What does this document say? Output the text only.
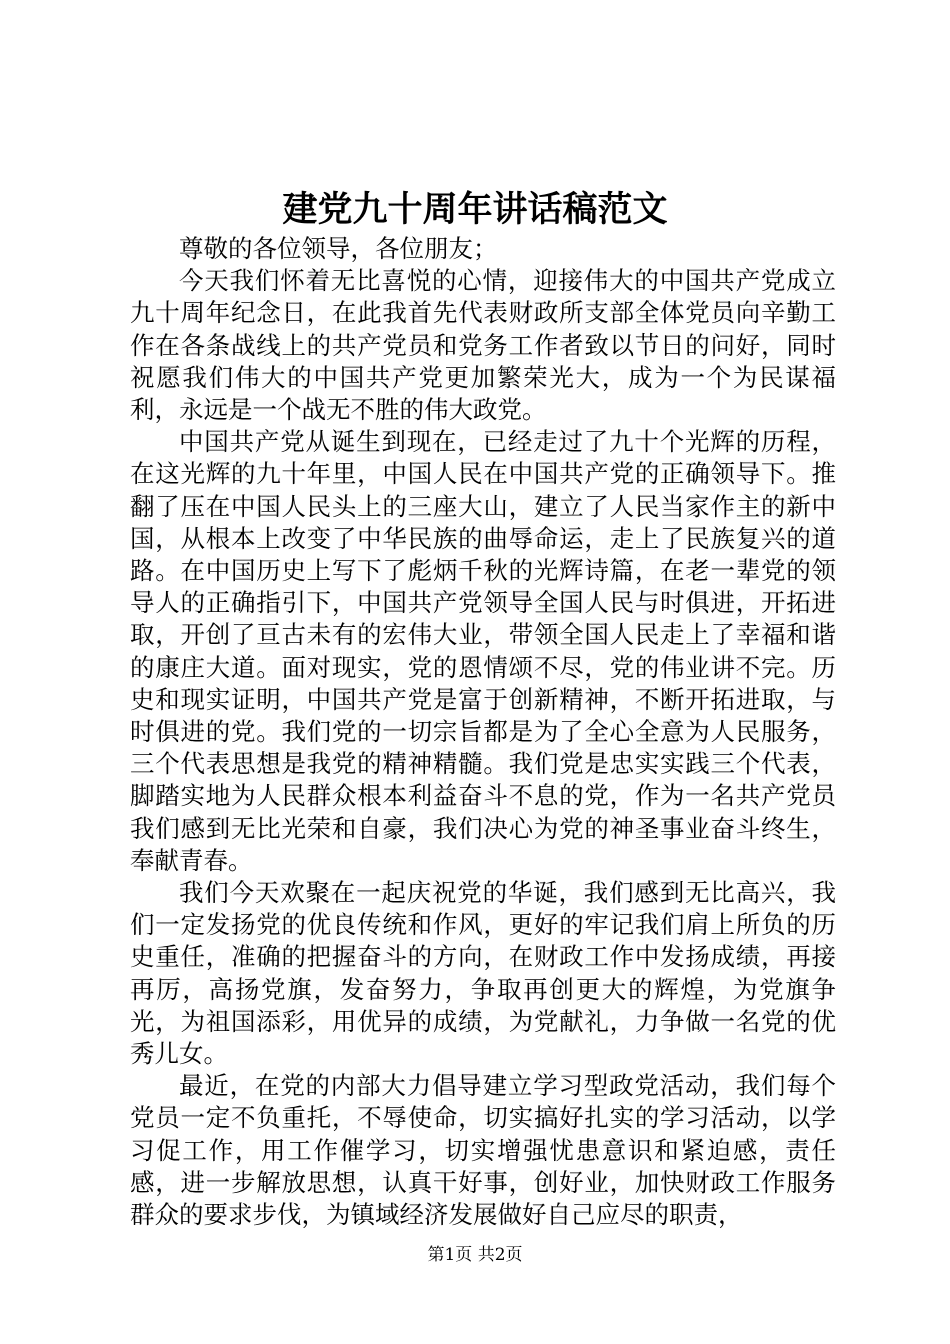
建党九十周年讲话稿范文

尊敬的各位领导，各位朋友；

今天我们怀着无比喜悦的心情，迎接伟大的中国共产党成立九十周年纪念日，在此我首先代表财政所支部全体党员向辛勤工作在各条战线上的共产党员和党务工作者致以节日的问好，同时祝愿我们伟大的中国共产党更加繁荣光大，成为一个为民谋福利，永远是一个战无不胜的伟大政党。

中国共产党从诞生到现在，已经走过了九十个光辉的历程，在这光辉的九十年里，中国人民在中国共产党的正确领导下。推翻了压在中国人民头上的三座大山，建立了人民当家作主的新中国，从根本上改变了中华民族的曲辱命运，走上了民族复兴的道路。在中国历史上写下了彪炳千秋的光辉诗篇，在老一辈党的领导人的正确指引下，中国共产党领导全国人民与时俱进，开拓进取，开创了亘古未有的宏伟大业，带领全国人民走上了幸福和谐的康庄大道。面对现实，党的恩情颂不尽，党的伟业讲不完。历史和现实证明，中国共产党是富于创新精神，不断开拓进取，与时俱进的党。我们党的一切宗旨都是为了全心全意为人民服务，三个代表思想是我党的精神精髓。我们党是忠实实践三个代表，脚踏实地为人民群众根本利益奋斗不息的党，作为一名共产党员我们感到无比光荣和自豪，我们决心为党的神圣事业奋斗终生，奉献青春。

我们今天欢聚在一起庆祝党的华诞，我们感到无比高兴，我们一定发扬党的优良传统和作风，更好的牢记我们肩上所负的历史重任，准确的把握奋斗的方向，在财政工作中发扬成绩，再接再厉，高扬党旗，发奋努力，争取再创更大的辉煌，为党旗争光，为祖国添彩，用优异的成绩，为党献礼，力争做一名党的优秀儿女。

最近，在党的内部大力倡导建立学习型政党活动，我们每个党员一定不负重托，不辱使命，切实搞好扎实的学习活动，以学习促工作，用工作催学习，切实增强忧患意识和紧迫感，责任感，进一步解放思想，认真干好事，创好业，加快财政工作服务群众的要求步伐，为镇域经济发展做好自己应尽的职责，

第1页 共2页
